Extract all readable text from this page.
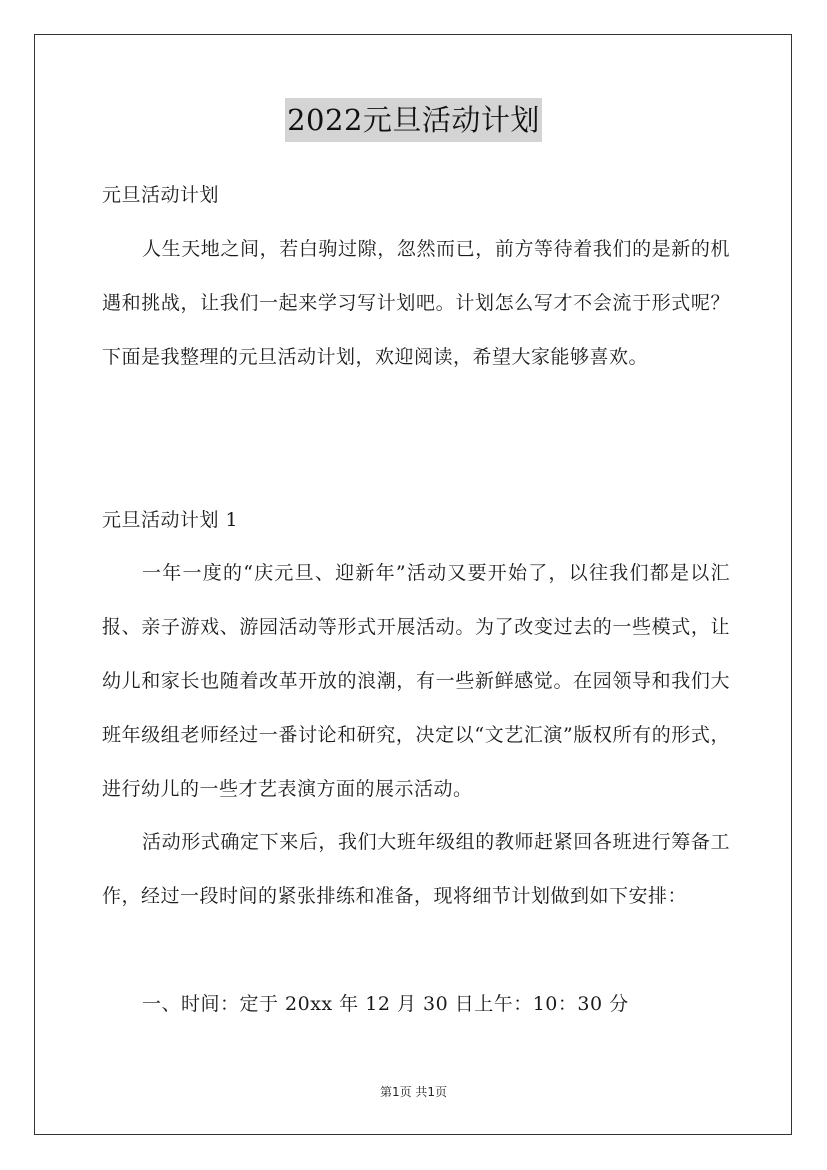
2022元旦活动计划
元旦活动计划
人生天地之间，若白驹过隙，忽然而已，前方等待着我们的是新的机遇和挑战，让我们一起来学习写计划吧。计划怎么写才不会流于形式呢？下面是我整理的元旦活动计划，欢迎阅读，希望大家能够喜欢。
元旦活动计划 1
一年一度的“庆元旦、迎新年”活动又要开始了，以往我们都是以汇报、亲子游戏、游园活动等形式开展活动。为了改变过去的一些模式，让幼儿和家长也随着改革开放的浪潮，有一些新鲜感觉。在园领导和我们大班年级组老师经过一番讨论和研究，决定以“文艺汇演”版权所有的形式，进行幼儿的一些才艺表演方面的展示活动。
活动形式确定下来后，我们大班年级组的教师赶紧回各班进行筹备工作，经过一段时间的紧张排练和准备，现将细节计划做到如下安排：
一、时间：定于 20xx 年 12 月 30 日上午：10：30 分
第1页 共1页
